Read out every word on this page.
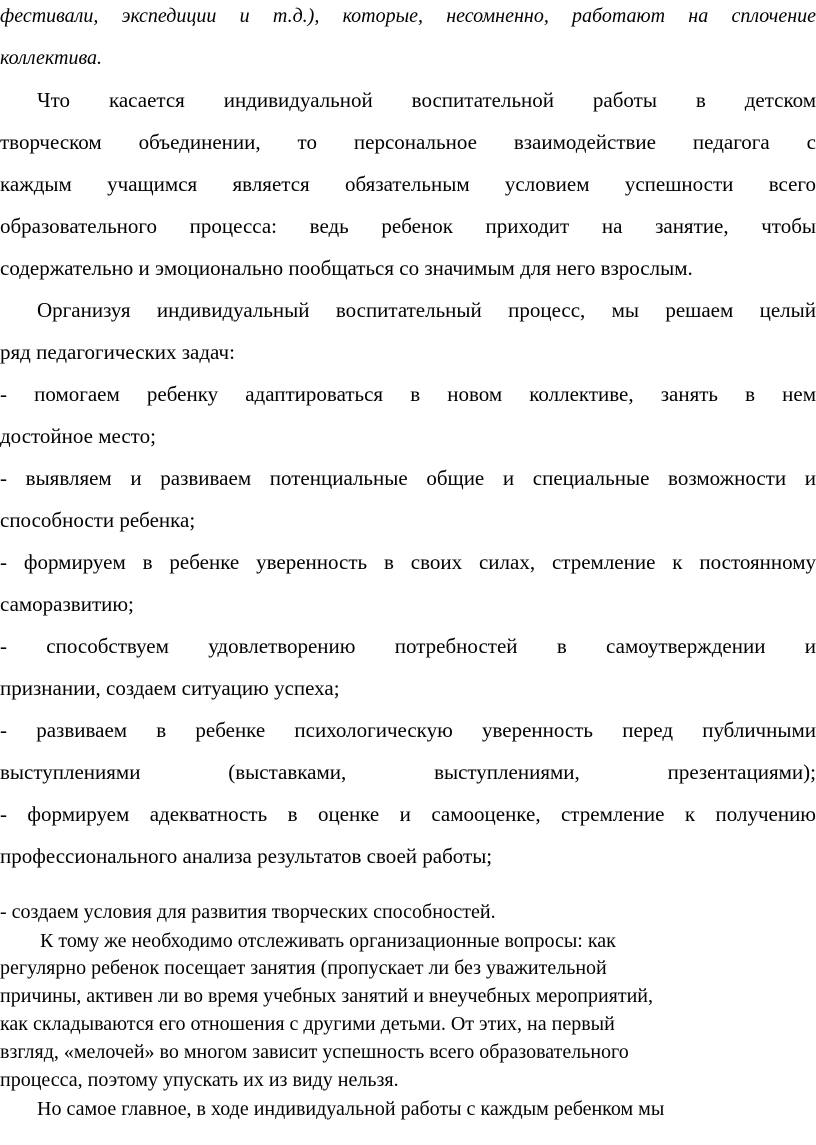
фестивали, экспедиции и т.д.), которые, несомненно, работают на сплочение

коллектива.

Что касается индивидуальной воспитательной работы в детском

творческом объединении, то персональное взаимодействие педагога с

каждым учащимся является обязательным условием успешности всего

образовательного процесса: ведь ребенок приходит на занятие, чтобы

содержательно и эмоционально пообщаться со значимым для него взрослым.

Организуя индивидуальный воспитательный процесс, мы решаем целый

ряд педагогических задач:

- помогаем ребенку адаптироваться в новом коллективе, занять в нем

достойное место;

- выявляем и развиваем потенциальные общие и специальные возможности и

способности ребенка;

- формируем в ребенке уверенность в своих силах, стремление к постоянному

саморазвитию;

- способствуем удовлетворению потребностей в самоутверждении и

признании, создаем ситуацию успеха;

- развиваем в ребенке психологическую уверенность перед публичными

выступлениями (выставками, выступлениями, презентациями);

- формируем адекватность в оценке и самооценке, стремление к получению

профессионального анализа результатов своей работы;

- создаем условия для развития творческих способностей.

К тому же необходимо отслеживать организационные вопросы: как

регулярно ребенок посещает занятия (пропускает ли без уважительной

причины, активен ли во время учебных занятий и внеучебных мероприятий,

как складываются его отношения с другими детьми. От этих, на первый

взгляд, «мелочей» во многом зависит успешность всего образовательного

процесса, поэтому упускать их из виду нельзя.

Но самое главное, в ходе индивидуальной работы с каждым ребенком мы
